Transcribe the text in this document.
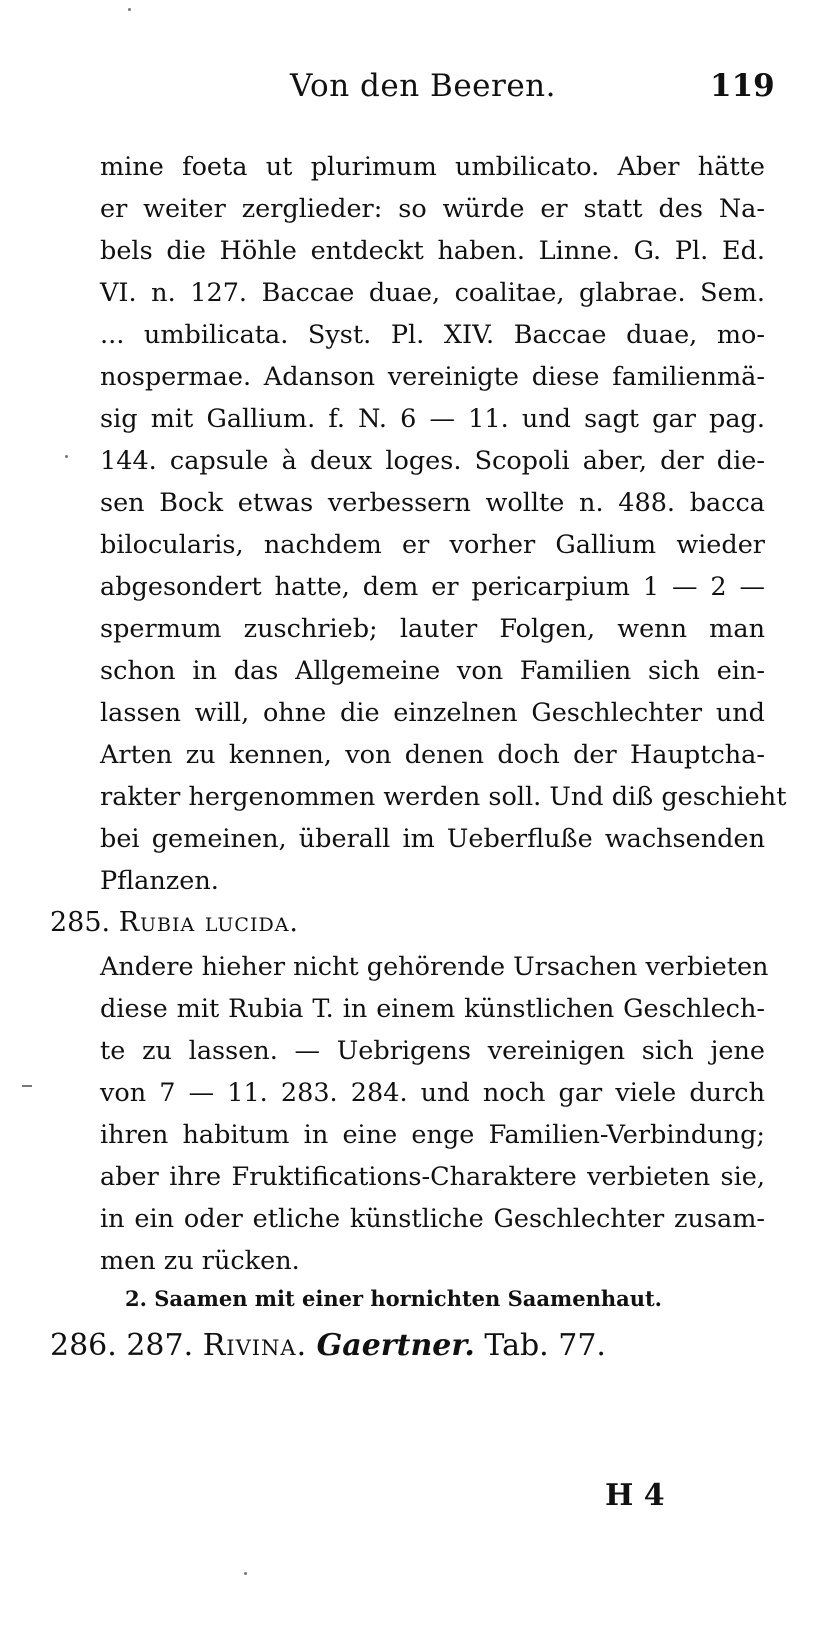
Von den Beeren.	119
mine foeta ut plurimum umbilicato. Aber hätte
er weiter zerglieder: so würde er statt des Na-
bels die Höhle entdeckt haben. Linne. G. Pl. Ed.
VI. n. 127. Baccae duae, coalitae, glabrae. Sem.
... umbilicata. Syst. Pl. XIV. Baccae duae, mo-
nospermae. Adanson vereinigte diese familienmä-
sig mit Gallium. f. N. 6 — 11. und sagt gar pag.
144. capsule à deux loges. Scopoli aber, der die-
sen Bock etwas verbessern wollte n. 488. bacca
bilocularis, nachdem er vorher Gallium wieder
abgesondert hatte, dem er pericarpium 1 — 2 —
spermum zuschrieb; lauter Folgen, wenn man
schon in das Allgemeine von Familien sich ein-
lassen will, ohne die einzelnen Geschlechter und
Arten zu kennen, von denen doch der Hauptcha-
rakter hergenommen werden soll. Und diß geschieht
bei gemeinen, überall im Ueberfluße wachsenden
Pflanzen.
285. Rubia lucida.
Andere hieher nicht gehörende Ursachen verbieten
diese mit Rubia T. in einem künstlichen Geschlech-
te zu lassen. — Uebrigens vereinigen sich jene
von 7 — 11. 283. 284. und noch gar viele durch
ihren habitum in eine enge Familien-Verbindung;
aber ihre Fruktifications-Charaktere verbieten sie,
in ein oder etliche künstliche Geschlechter zusam-
men zu rücken.
2. Saamen mit einer hornichten Saamenhaut.
286. 287. Rivina. Gaertner. Tab. 77.
H 4
